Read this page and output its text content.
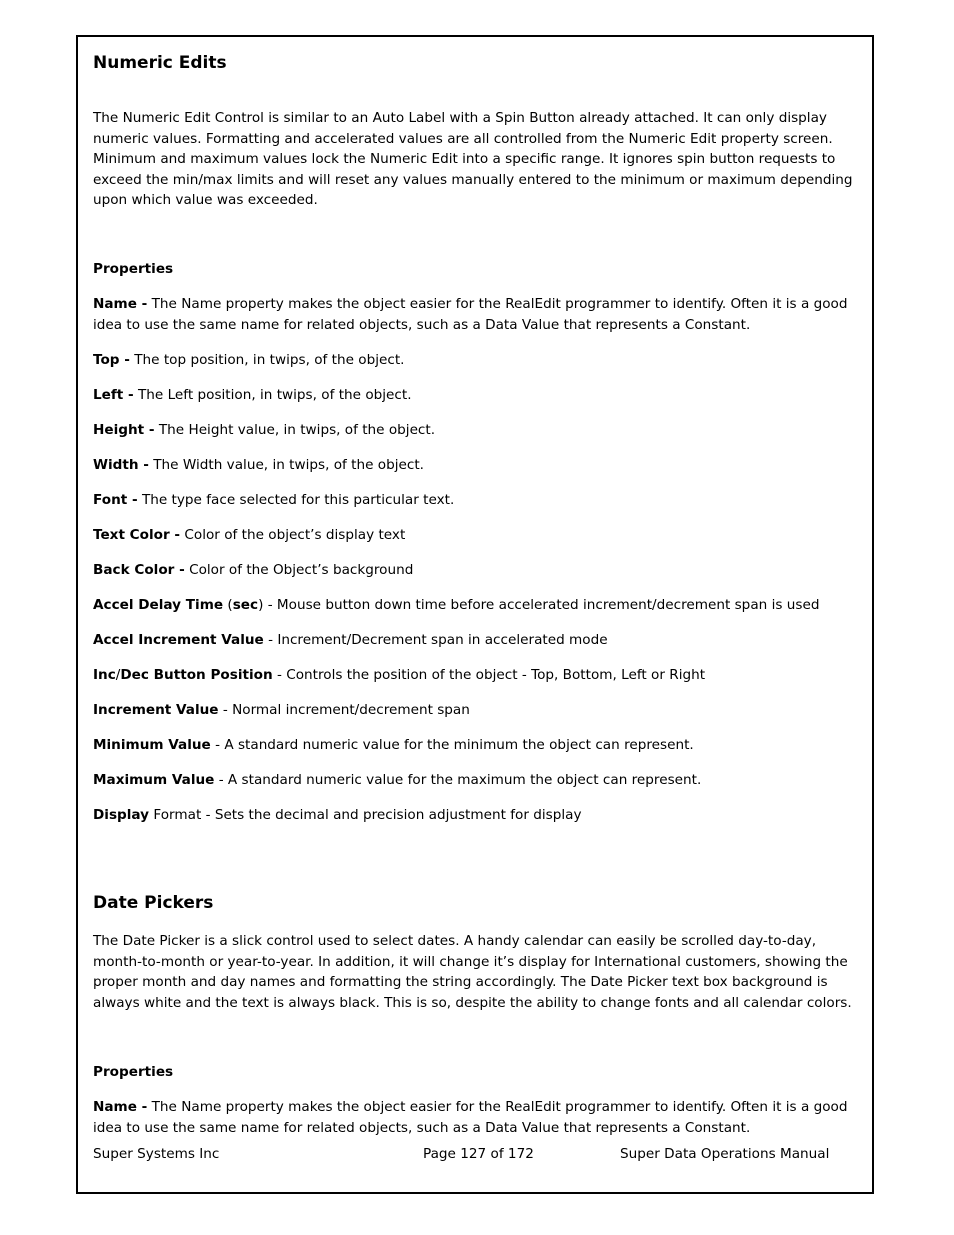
Numeric Edits

The Numeric Edit Control is similar to an Auto Label with a Spin Button already attached. It can only display numeric values. Formatting and accelerated values are all controlled from the Numeric Edit property screen. Minimum and maximum values lock the Numeric Edit into a specific range. It ignores spin button requests to exceed the min/max limits and will reset any values manually entered to the minimum or maximum depending upon which value was exceeded.

Properties

Name - The Name property makes the object easier for the RealEdit programmer to identify. Often it is a good idea to use the same name for related objects, such as a Data Value that represents a Constant.

Top - The top position, in twips, of the object.

Left - The Left position, in twips, of the object.

Height - The Height value, in twips, of the object.

Width - The Width value, in twips, of the object.

Font - The type face selected for this particular text.

Text Color - Color of the object’s display text

Back Color - Color of the Object’s background

Accel Delay Time (sec) - Mouse button down time before accelerated increment/decrement span is used

Accel Increment Value - Increment/Decrement span in accelerated mode

Inc/Dec Button Position - Controls the position of the object - Top, Bottom, Left or Right

Increment Value - Normal increment/decrement span

Minimum Value - A standard numeric value for the minimum the object can represent.

Maximum Value - A standard numeric value for the maximum the object can represent.

Display Format - Sets the decimal and precision adjustment for display

Date Pickers

The Date Picker is a slick control used to select dates. A handy calendar can easily be scrolled day-to-day, month-to-month or year-to-year. In addition, it will change it’s display for International customers, showing the proper month and day names and formatting the string accordingly. The Date Picker text box background is always white and the text is always black. This is so, despite the ability to change fonts and all calendar colors.

Properties

Name - The Name property makes the object easier for the RealEdit programmer to identify. Often it is a good idea to use the same name for related objects, such as a Data Value that represents a Constant.

Super Systems Inc	Page 127 of 172	Super Data Operations Manual
